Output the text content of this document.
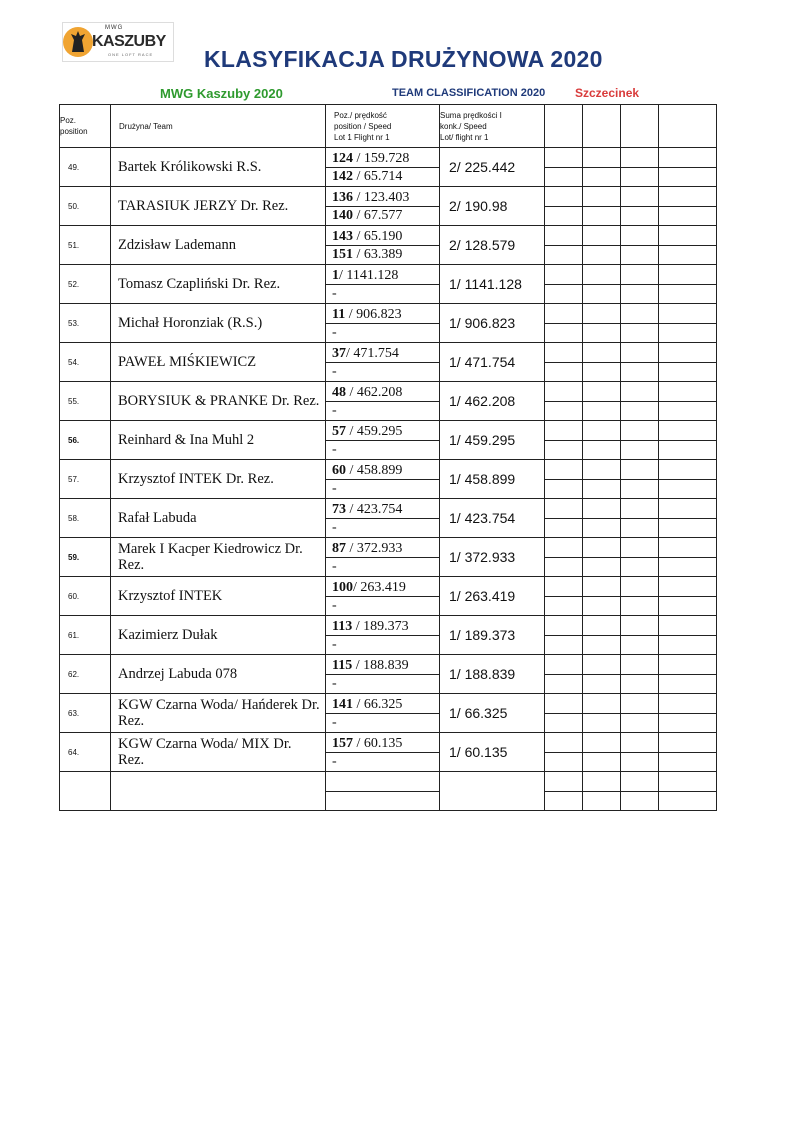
MWG
KASZUBY
ONE LOFT RACE KLASYFIKACJA DRUŻYNOWA 2020
MWG Kaszuby 2020	TEAM CLASSIFICATION 2020 Szczecinek
Poz.
position	Drużyna/ Team	Poz./ prędkość
position / Speed
Lot 1 Flight nr 1	Suma prędkości I
konk./ Speed
Lot/ flight nr 1				
49.	Bartek Królikowski R.S.	124 / 159.728
142 / 65.714	2/ 225.442	

50.	TARASIUK JERZY Dr. Rez.	136 / 123.403
140 / 67.577	2/ 190.98	

51.	Zdzisław Lademann	143 / 65.190
151 / 63.389	2/ 128.579	

52.	Tomasz Czapliński Dr. Rez.	1/ 1141.128
-	1/ 1141.128	

53.	Michał Horonziak (R.S.)	11 / 906.823
-	1/ 906.823	

54.	PAWEŁ MIŚKIEWICZ	37/ 471.754
-	1/ 471.754	

55.	BORYSIUK & PRANKE Dr. Rez.	48 / 462.208
-	1/ 462.208	

56.	Reinhard & Ina Muhl 2	57 / 459.295
-	1/ 459.295	

57.	Krzysztof INTEK Dr. Rez.	60 / 458.899
-	1/ 458.899	

58.	Rafał Labuda	73 / 423.754
-	1/ 423.754	

59.	Marek I Kacper Kiedrowicz Dr. Rez.	87 / 372.933
-	1/ 372.933	

60.	Krzysztof INTEK	100/ 263.419
-	1/ 263.419	

61.	Kazimierz Dułak	113 / 189.373
-	1/ 189.373	

62.	Andrzej Labuda 078	115 / 188.839
-	1/ 188.839	

63.	KGW Czarna Woda/ Hańderek Dr. Rez.	141 / 66.325
-	1/ 66.325	

64.	KGW Czarna Woda/ MIX Dr. Rez.	157 / 60.135
-	1/ 60.135	
